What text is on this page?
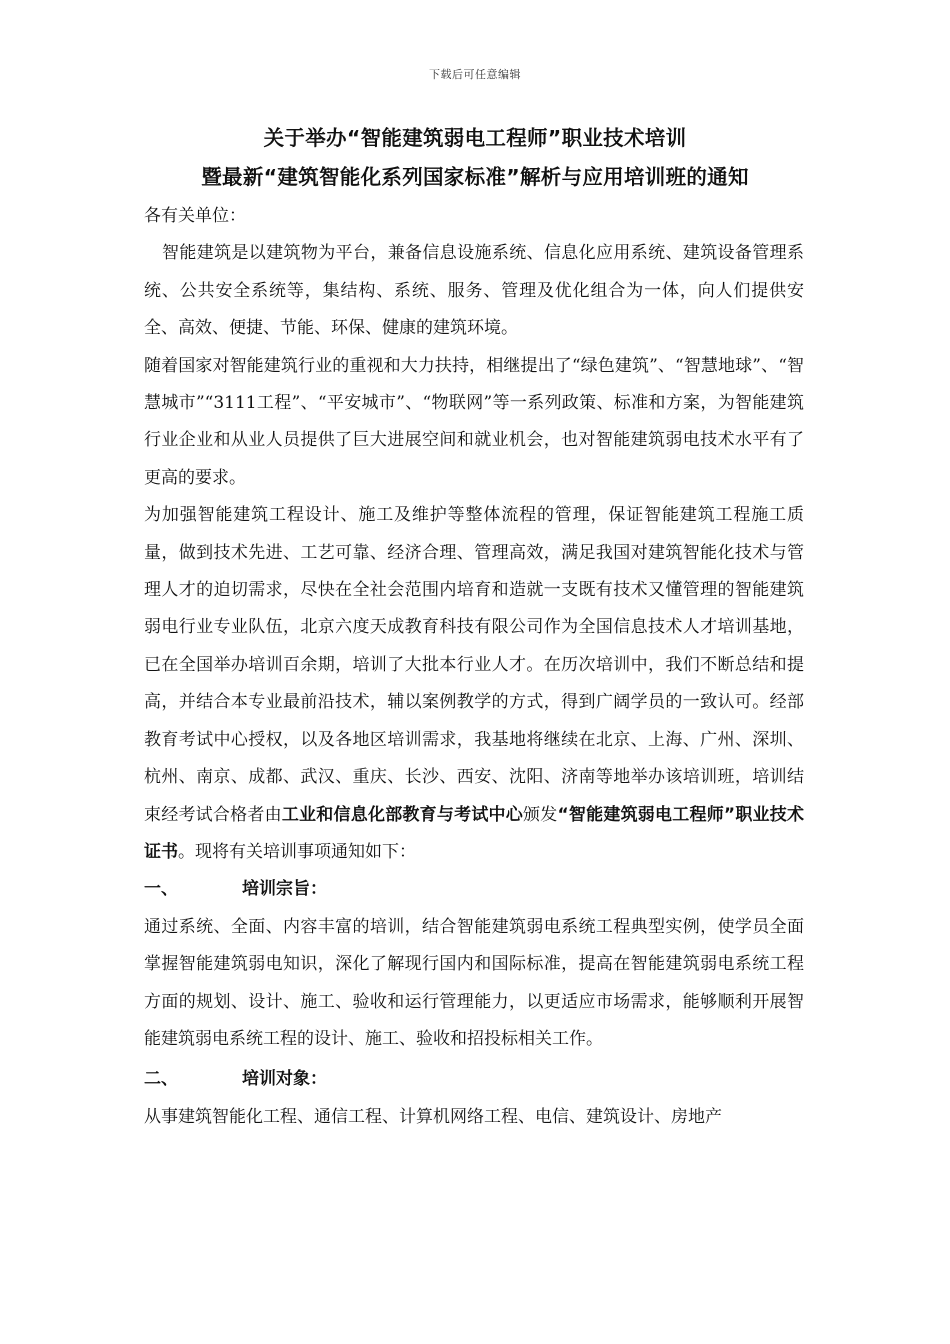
下载后可任意编辑
关于举办“智能建筑弱电工程师”职业技术培训
暨最新“建筑智能化系列国家标准”解析与应用培训班的通知

各有关单位：

智能建筑是以建筑物为平台，兼备信息设施系统、信息化应用系统、建筑设备管理系统、公共安全系统等，集结构、系统、服务、管理及优化组合为一体，向人们提供安全、高效、便捷、节能、环保、健康的建筑环境。

随着国家对智能建筑行业的重视和大力扶持，相继提出了“绿色建筑”、“智慧地球”、“智慧城市”“3111工程”、“平安城市”、“物联网”等一系列政策、标准和方案，为智能建筑行业企业和从业人员提供了巨大进展空间和就业机会，也对智能建筑弱电技术水平有了更高的要求。

为加强智能建筑工程设计、施工及维护等整体流程的管理，保证智能建筑工程施工质量，做到技术先进、工艺可靠、经济合理、管理高效，满足我国对建筑智能化技术与管理人才的迫切需求，尽快在全社会范围内培育和造就一支既有技术又懂管理的智能建筑弱电行业专业队伍，北京六度天成教育科技有限公司作为全国信息技术人才培训基地，已在全国举办培训百余期，培训了大批本行业人才。在历次培训中，我们不断总结和提高，并结合本专业最前沿技术，辅以案例教学的方式，得到广阔学员的一致认可。经部教育考试中心授权，以及各地区培训需求，我基地将继续在北京、上海、广州、深圳、杭州、南京、成都、武汉、重庆、长沙、西安、沈阳、济南等地举办该培训班，培训结束经考试合格者由工业和信息化部教育与考试中心颁发“智能建筑弱电工程师”职业技术证书。现将有关培训事项通知如下：

一、	培训宗旨：

通过系统、全面、内容丰富的培训，结合智能建筑弱电系统工程典型实例，使学员全面掌握智能建筑弱电知识，深化了解现行国内和国际标准，提高在智能建筑弱电系统工程方面的规划、设计、施工、验收和运行管理能力，以更适应市场需求，能够顺利开展智能建筑弱电系统工程的设计、施工、验收和招投标相关工作。

二、	培训对象：

从事建筑智能化工程、通信工程、计算机网络工程、电信、建筑设计、房地产
